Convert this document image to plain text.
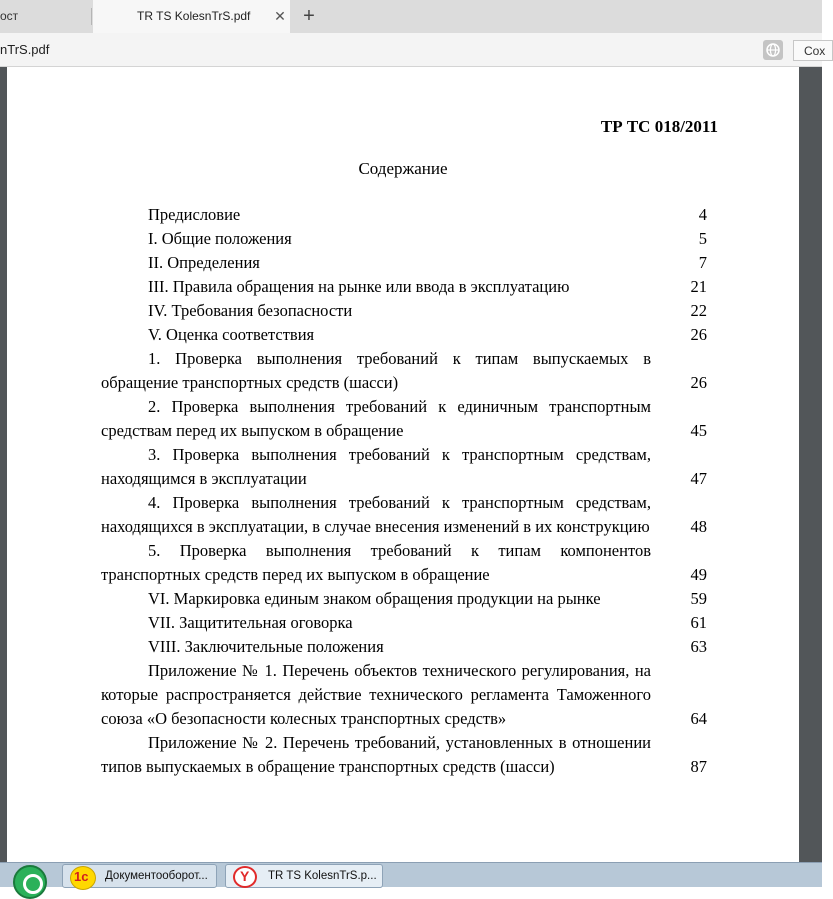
ост	TR TS KolesnTrS.pdf ✕ +
nTrS.pdf	Сох
ТР ТС 018/2011
Содержание
Предисловие	4
I. Общие положения	5
II. Определения	7
III. Правила обращения на рынке или ввода в эксплуатацию	21
IV. Требования безопасности	22
V. Оценка соответствия	26
1. Проверка выполнения требований к типам выпускаемых в обращение транспортных средств (шасси)	26
2. Проверка выполнения требований к единичным транспортным средствам перед их выпуском в обращение	45
3. Проверка выполнения требований к транспортным средствам, находящимся в эксплуатации	47
4. Проверка выполнения требований к транспортным средствам, находящихся в эксплуатации, в случае внесения изменений в их конструкцию 48
5. Проверка выполнения требований к типам компонентов транспортных средств перед их выпуском в обращение	49
VI. Маркировка единым знаком обращения продукции на рынке	59
VII. Защитительная оговорка	61
VIII. Заключительные положения	63
Приложение № 1. Перечень объектов технического регулирования, на которые распространяется действие технического регламента Таможенного союза «О безопасности колесных транспортных средств»	64
Приложение № 2. Перечень требований, установленных в отношении типов выпускаемых в обращение транспортных средств (шасси)	87
1c
Документооборот... Y	TR TS KolesnTrS.p...
